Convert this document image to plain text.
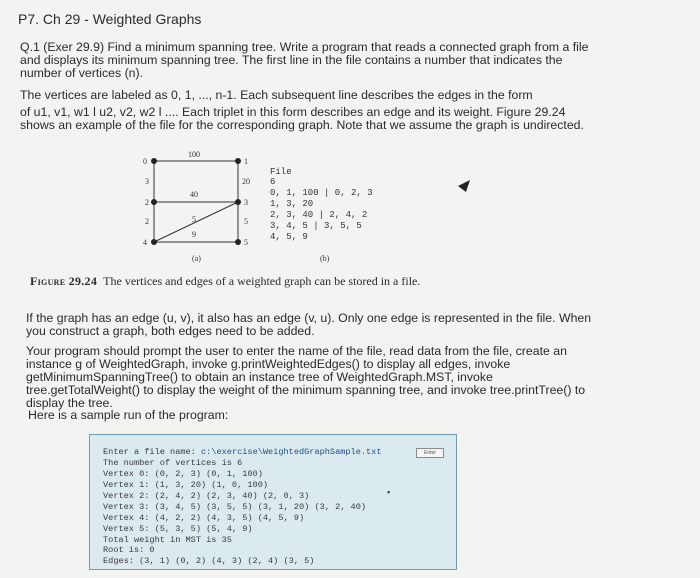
P7. Ch 29 - Weighted Graphs
Q.1 (Exer 29.9) Find a minimum spanning tree. Write a program that reads a connected graph from a file
and displays its minimum spanning tree. The first line in the file contains a number that indicates the
number of vertices (n).
The vertices are labeled as 0, 1, ..., n-1. Each subsequent line describes the edges in the form
of u1, v1, w1 l u2, v2, w2 l .... Each triplet in this form describes an edge and its weight. Figure 29.24
shows an example of the file for the corresponding graph. Note that we assume the graph is undirected.
100
0
3
2
2
4
1
20
3
5
5
40
5
9
(a)	(b)
File
6
0, 1, 100 | 0, 2, 3
1, 3, 20
2, 3, 40 | 2, 4, 2
3, 4, 5 | 3, 5, 5
4, 5, 9
Figure 29.24 The vertices and edges of a weighted graph can be stored in a file.
If the graph has an edge (u, v), it also has an edge (v, u). Only one edge is represented in the file. When
you construct a graph, both edges need to be added.
Your program should prompt the user to enter the name of the file, read data from the file, create an
instance g of WeightedGraph, invoke g.printWeightedEdges() to display all edges, invoke
getMinimumSpanningTree() to obtain an instance tree of WeightedGraph.MST, invoke
tree.getTotalWeight() to display the weight of the minimum spanning tree, and invoke tree.printTree() to
display the tree.
Here is a sample run of the program:
Enter a file name: c:\exercise\WeightedGraphSample.txt	Enter
The number of vertices is 6
Vertex 0: (0, 2, 3) (0, 1, 100)
Vertex 1: (1, 3, 20) (1, 0, 100)
▪
Vertex 2: (2, 4, 2) (2, 3, 40) (2, 0, 3)
Vertex 3: (3, 4, 5) (3, 5, 5) (3, 1, 20) (3, 2, 40)
Vertex 4: (4, 2, 2) (4, 3, 5) (4, 5, 9)
Vertex 5: (5, 3, 5) (5, 4, 9)
Total weight in MST is 35
Root is: 0
Edges: (3, 1) (0, 2) (4, 3) (2, 4) (3, 5)
